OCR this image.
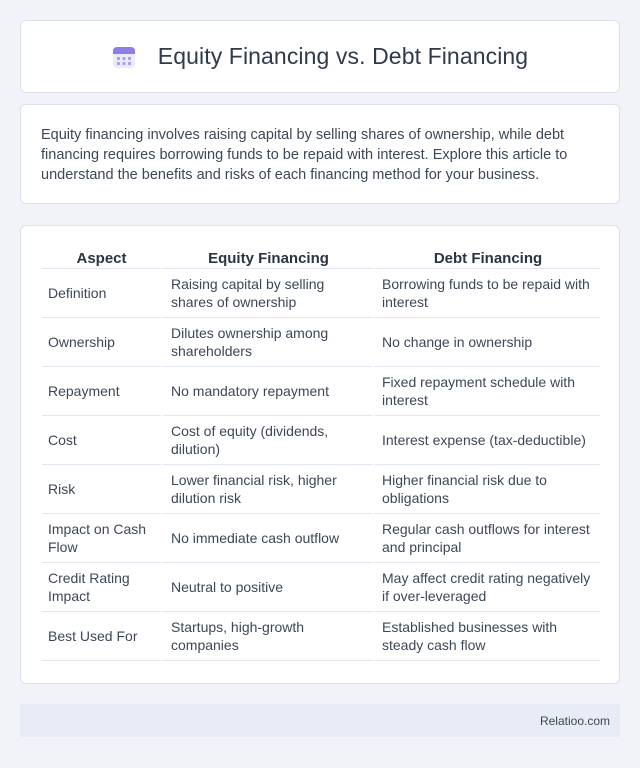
Equity Financing vs. Debt Financing

Equity financing involves raising capital by selling shares of ownership, while debt financing requires borrowing funds to be repaid with interest. Explore this article to understand the benefits and risks of each financing method for your business.

Aspect	Equity Financing	Debt Financing
Definition	Raising capital by selling shares of ownership	Borrowing funds to be repaid with interest
Ownership	Dilutes ownership among shareholders	No change in ownership
Repayment	No mandatory repayment	Fixed repayment schedule with interest
Cost	Cost of equity (dividends, dilution)	Interest expense (tax-deductible)
Risk	Lower financial risk, higher dilution risk	Higher financial risk due to obligations
Impact on Cash Flow	No immediate cash outflow	Regular cash outflows for interest and principal
Credit Rating Impact	Neutral to positive	May affect credit rating negatively if over-leveraged
Best Used For	Startups, high-growth companies	Established businesses with steady cash flow
Relatioo.com
